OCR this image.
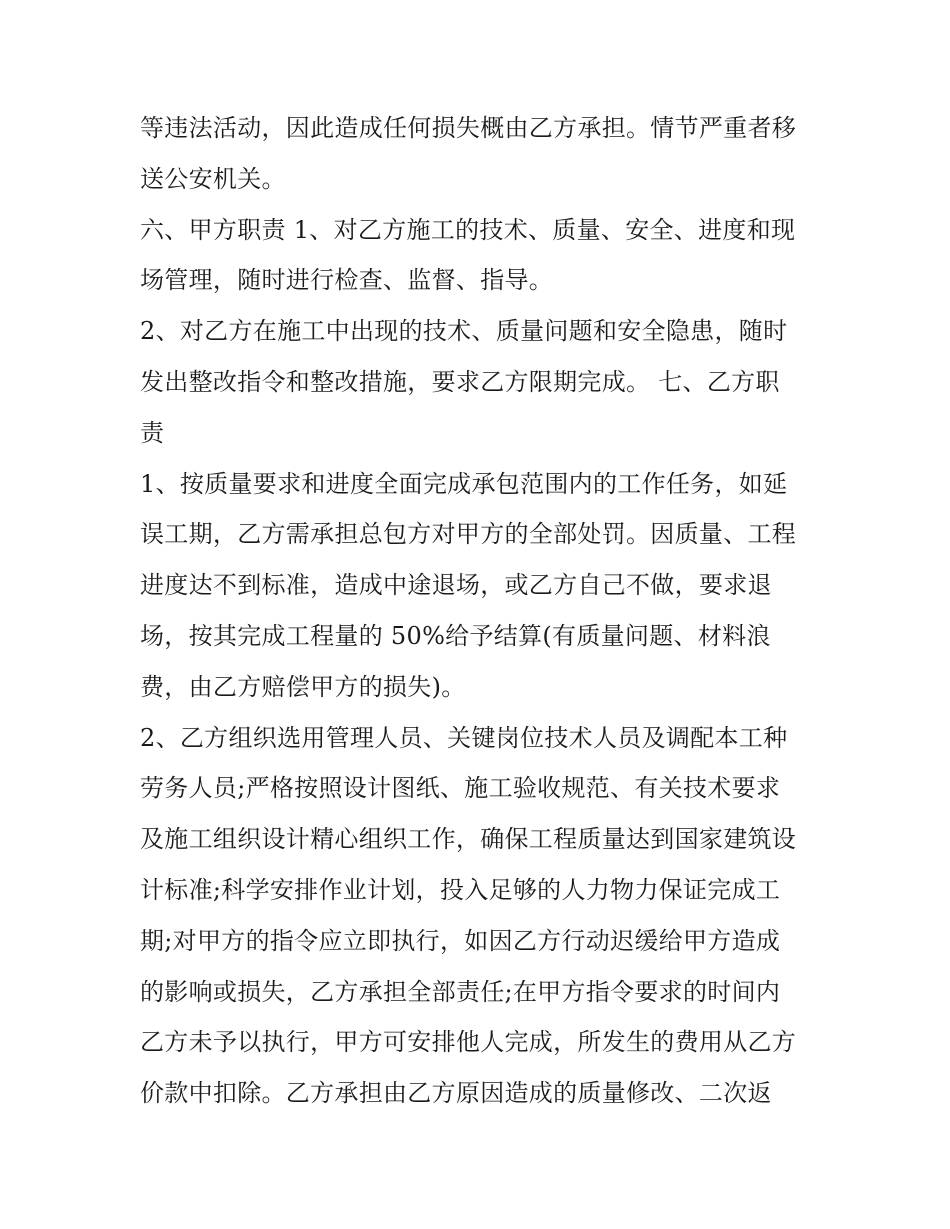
等违法活动，因此造成任何损失概由乙方承担。情节严重者移
送公安机关。
六、甲方职责 1、对乙方施工的技术、质量、安全、进度和现
场管理，随时进行检查、监督、指导。
2、对乙方在施工中出现的技术、质量问题和安全隐患，随时
发出整改指令和整改措施，要求乙方限期完成。 七、乙方职
责
1、按质量要求和进度全面完成承包范围内的工作任务，如延
误工期，乙方需承担总包方对甲方的全部处罚。因质量、工程
进度达不到标准，造成中途退场，或乙方自己不做，要求退
场，按其完成工程量的 50%给予结算(有质量问题、材料浪
费，由乙方赔偿甲方的损失)。
2、乙方组织选用管理人员、关键岗位技术人员及调配本工种
劳务人员;严格按照设计图纸、施工验收规范、有关技术要求
及施工组织设计精心组织工作，确保工程质量达到国家建筑设
计标准;科学安排作业计划，投入足够的人力物力保证完成工
期;对甲方的指令应立即执行，如因乙方行动迟缓给甲方造成
的影响或损失，乙方承担全部责任;在甲方指令要求的时间内
乙方未予以执行，甲方可安排他人完成，所发生的费用从乙方
价款中扣除。乙方承担由乙方原因造成的质量修改、二次返
